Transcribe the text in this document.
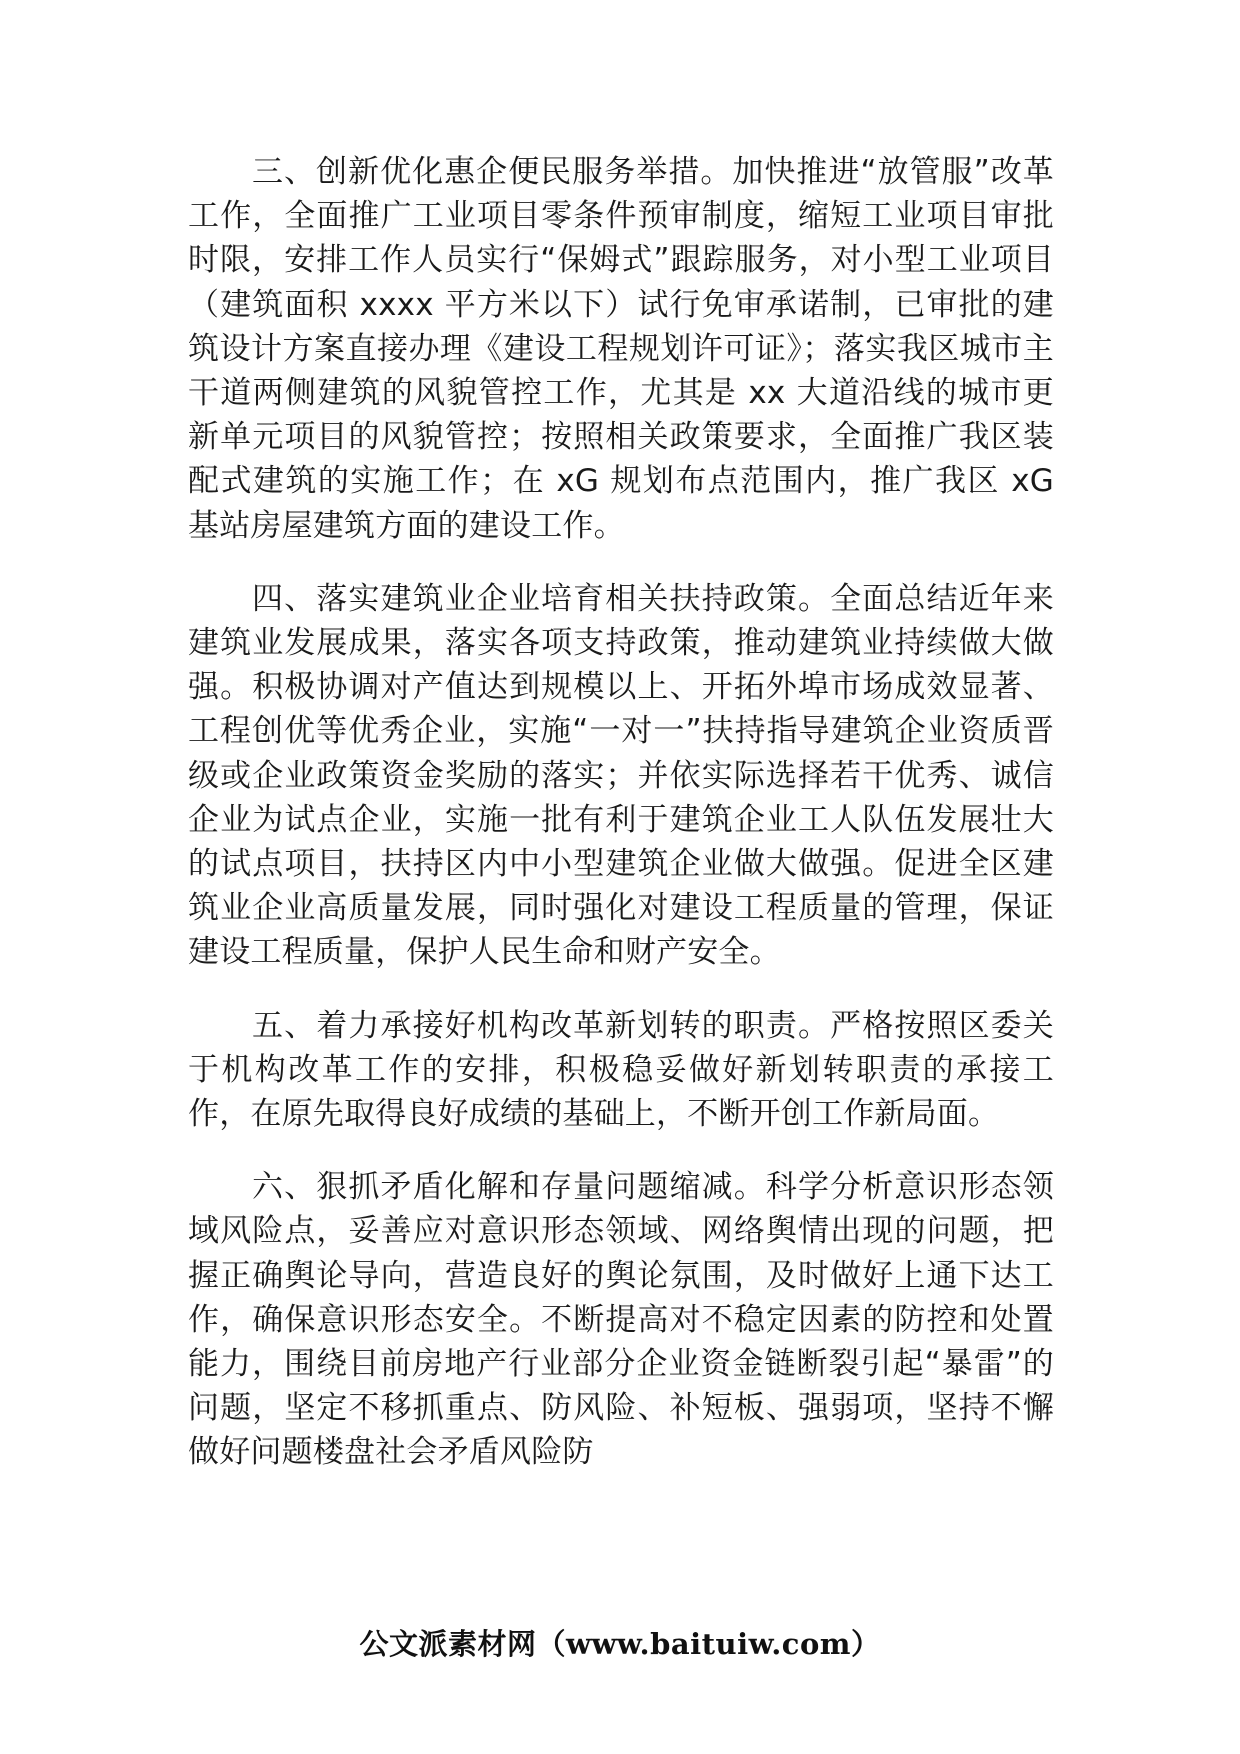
三、创新优化惠企便民服务举措。加快推进“放管服”改革工作，全面推广工业项目零条件预审制度，缩短工业项目审批时限，安排工作人员实行“保姆式”跟踪服务，对小型工业项目（建筑面积 xxxx 平方米以下）试行免审承诺制，已审批的建筑设计方案直接办理《建设工程规划许可证》；落实我区城市主干道两侧建筑的风貌管控工作，尤其是 xx 大道沿线的城市更新单元项目的风貌管控；按照相关政策要求，全面推广我区装配式建筑的实施工作；在 xG 规划布点范围内，推广我区 xG 基站房屋建筑方面的建设工作。

四、落实建筑业企业培育相关扶持政策。全面总结近年来建筑业发展成果，落实各项支持政策，推动建筑业持续做大做强。积极协调对产值达到规模以上、开拓外埠市场成效显著、工程创优等优秀企业，实施“一对一”扶持指导建筑企业资质晋级或企业政策资金奖励的落实；并依实际选择若干优秀、诚信企业为试点企业，实施一批有利于建筑企业工人队伍发展壮大的试点项目，扶持区内中小型建筑企业做大做强。促进全区建筑业企业高质量发展，同时强化对建设工程质量的管理，保证建设工程质量，保护人民生命和财产安全。

五、着力承接好机构改革新划转的职责。严格按照区委关于机构改革工作的安排，积极稳妥做好新划转职责的承接工作，在原先取得良好成绩的基础上，不断开创工作新局面。

六、狠抓矛盾化解和存量问题缩减。科学分析意识形态领域风险点，妥善应对意识形态领域、网络舆情出现的问题，把握正确舆论导向，营造良好的舆论氛围，及时做好上通下达工作，确保意识形态安全。不断提高对不稳定因素的防控和处置能力，围绕目前房地产行业部分企业资金链断裂引起“暴雷”的问题，坚定不移抓重点、防风险、补短板、强弱项，坚持不懈做好问题楼盘社会矛盾风险防

公文派素材网（www.baituiw.com）
